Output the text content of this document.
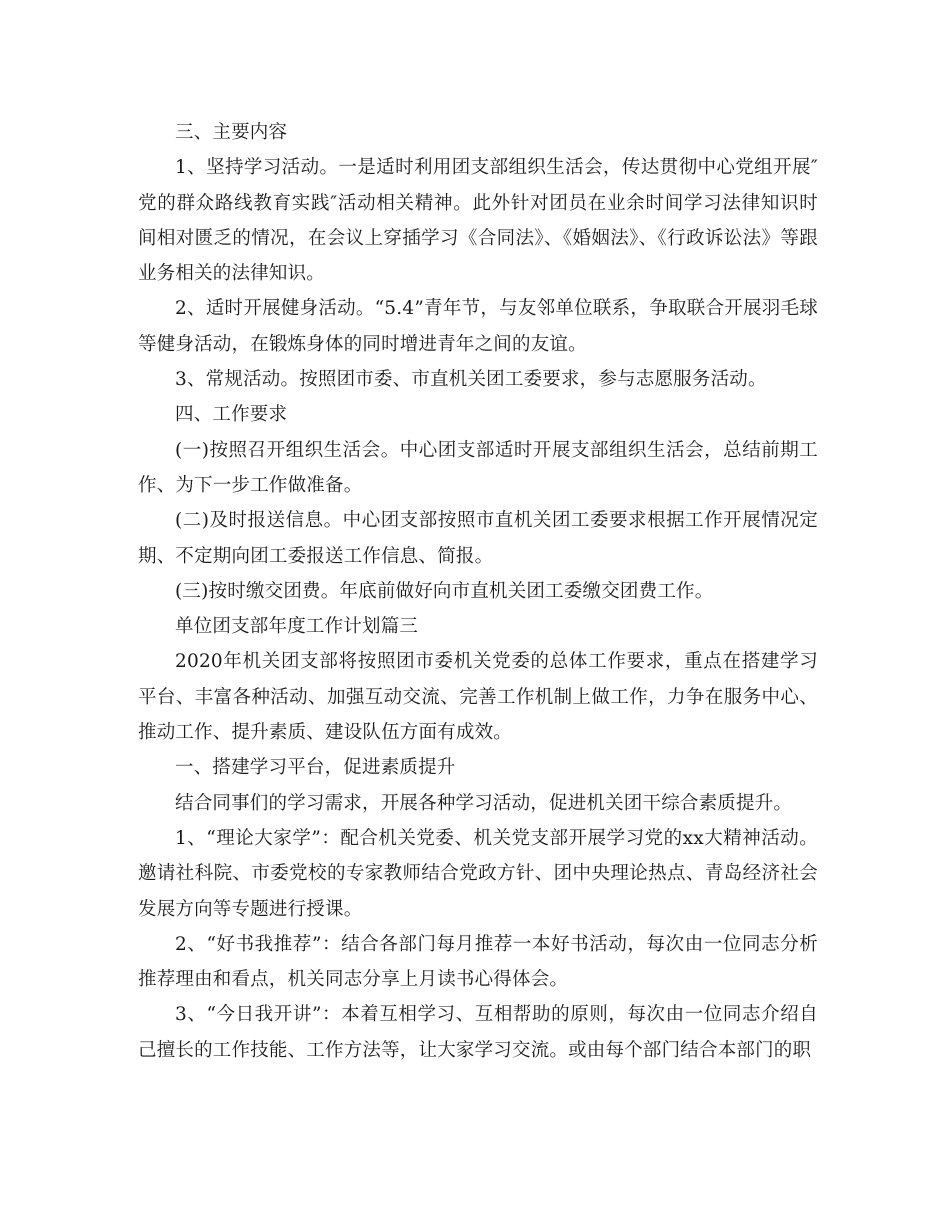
三、主要内容

1、坚持学习活动。一是适时利用团支部组织生活会，传达贯彻中心党组开展″党的群众路线教育实践″活动相关精神。此外针对团员在业余时间学习法律知识时间相对匮乏的情况，在会议上穿插学习《合同法》、《婚姻法》、《行政诉讼法》等跟业务相关的法律知识。

2、适时开展健身活动。“5.4”青年节，与友邻单位联系，争取联合开展羽毛球等健身活动，在锻炼身体的同时增进青年之间的友谊。

3、常规活动。按照团市委、市直机关团工委要求，参与志愿服务活动。

四、工作要求

(一)按照召开组织生活会。中心团支部适时开展支部组织生活会，总结前期工作、为下一步工作做准备。

(二)及时报送信息。中心团支部按照市直机关团工委要求根据工作开展情况定期、不定期向团工委报送工作信息、简报。

(三)按时缴交团费。年底前做好向市直机关团工委缴交团费工作。

单位团支部年度工作计划篇三

2020年机关团支部将按照团市委机关党委的总体工作要求，重点在搭建学习平台、丰富各种活动、加强互动交流、完善工作机制上做工作，力争在服务中心、推动工作、提升素质、建设队伍方面有成效。

一、搭建学习平台，促进素质提升

结合同事们的学习需求，开展各种学习活动，促进机关团干综合素质提升。

1、“理论大家学”：配合机关党委、机关党支部开展学习党的xx大精神活动。邀请社科院、市委党校的专家教师结合党政方针、团中央理论热点、青岛经济社会发展方向等专题进行授课。

2、“好书我推荐”：结合各部门每月推荐一本好书活动，每次由一位同志分析推荐理由和看点，机关同志分享上月读书心得体会。

3、“今日我开讲”：本着互相学习、互相帮助的原则，每次由一位同志介绍自己擅长的工作技能、工作方法等，让大家学习交流。或由每个部门结合本部门的职
